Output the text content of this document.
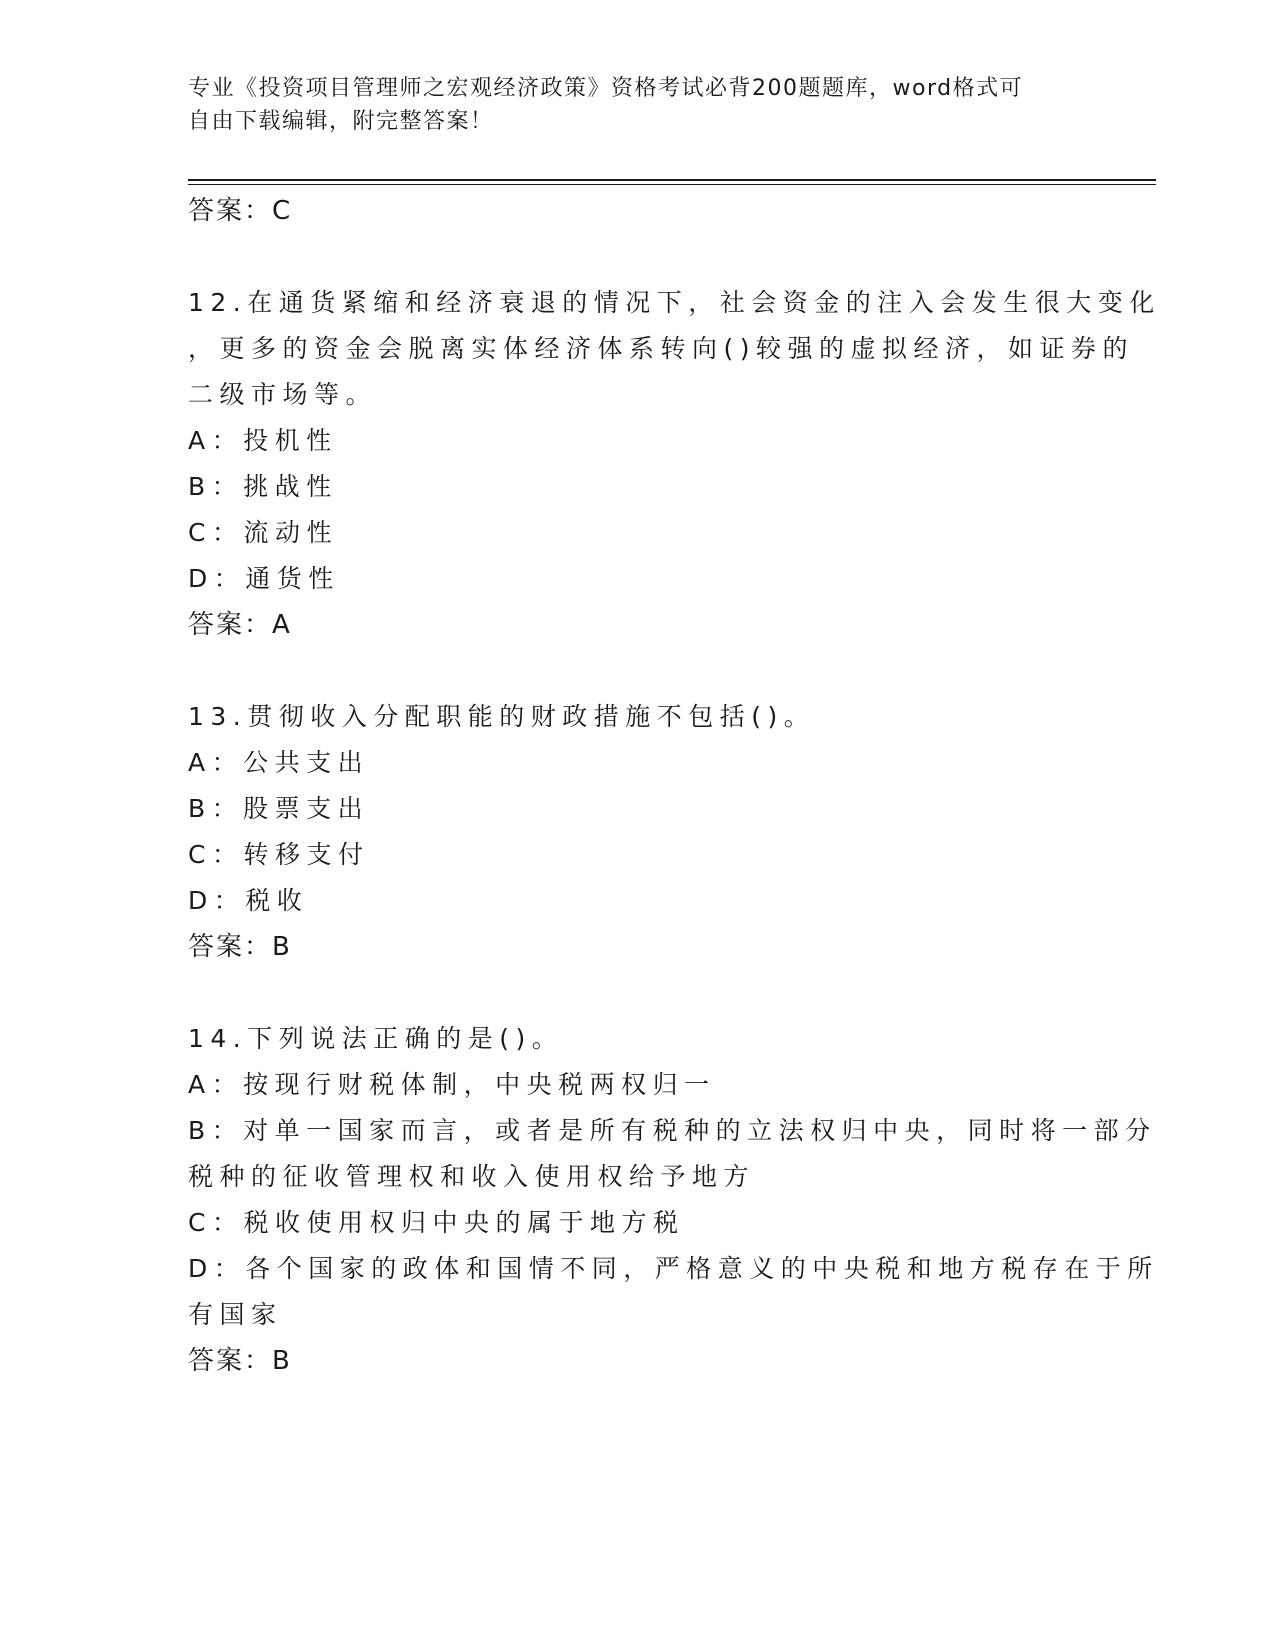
专业《投资项目管理师之宏观经济政策》资格考试必背200题题库，word格式可
自由下载编辑，附完整答案！
答案：C
12.在通货紧缩和经济衰退的情况下，社会资金的注入会发生很大变化
，更多的资金会脱离实体经济体系转向()较强的虚拟经济，如证券的
二级市场等。
A：投机性
B：挑战性
C：流动性
D：通货性
答案：A
13.贯彻收入分配职能的财政措施不包括()。
A：公共支出
B：股票支出
C：转移支付
D：税收
答案：B
14.下列说法正确的是()。
A：按现行财税体制，中央税两权归一
B：对单一国家而言，或者是所有税种的立法权归中央，同时将一部分
税种的征收管理权和收入使用权给予地方
C：税收使用权归中央的属于地方税
D：各个国家的政体和国情不同，严格意义的中央税和地方税存在于所
有国家
答案：B
